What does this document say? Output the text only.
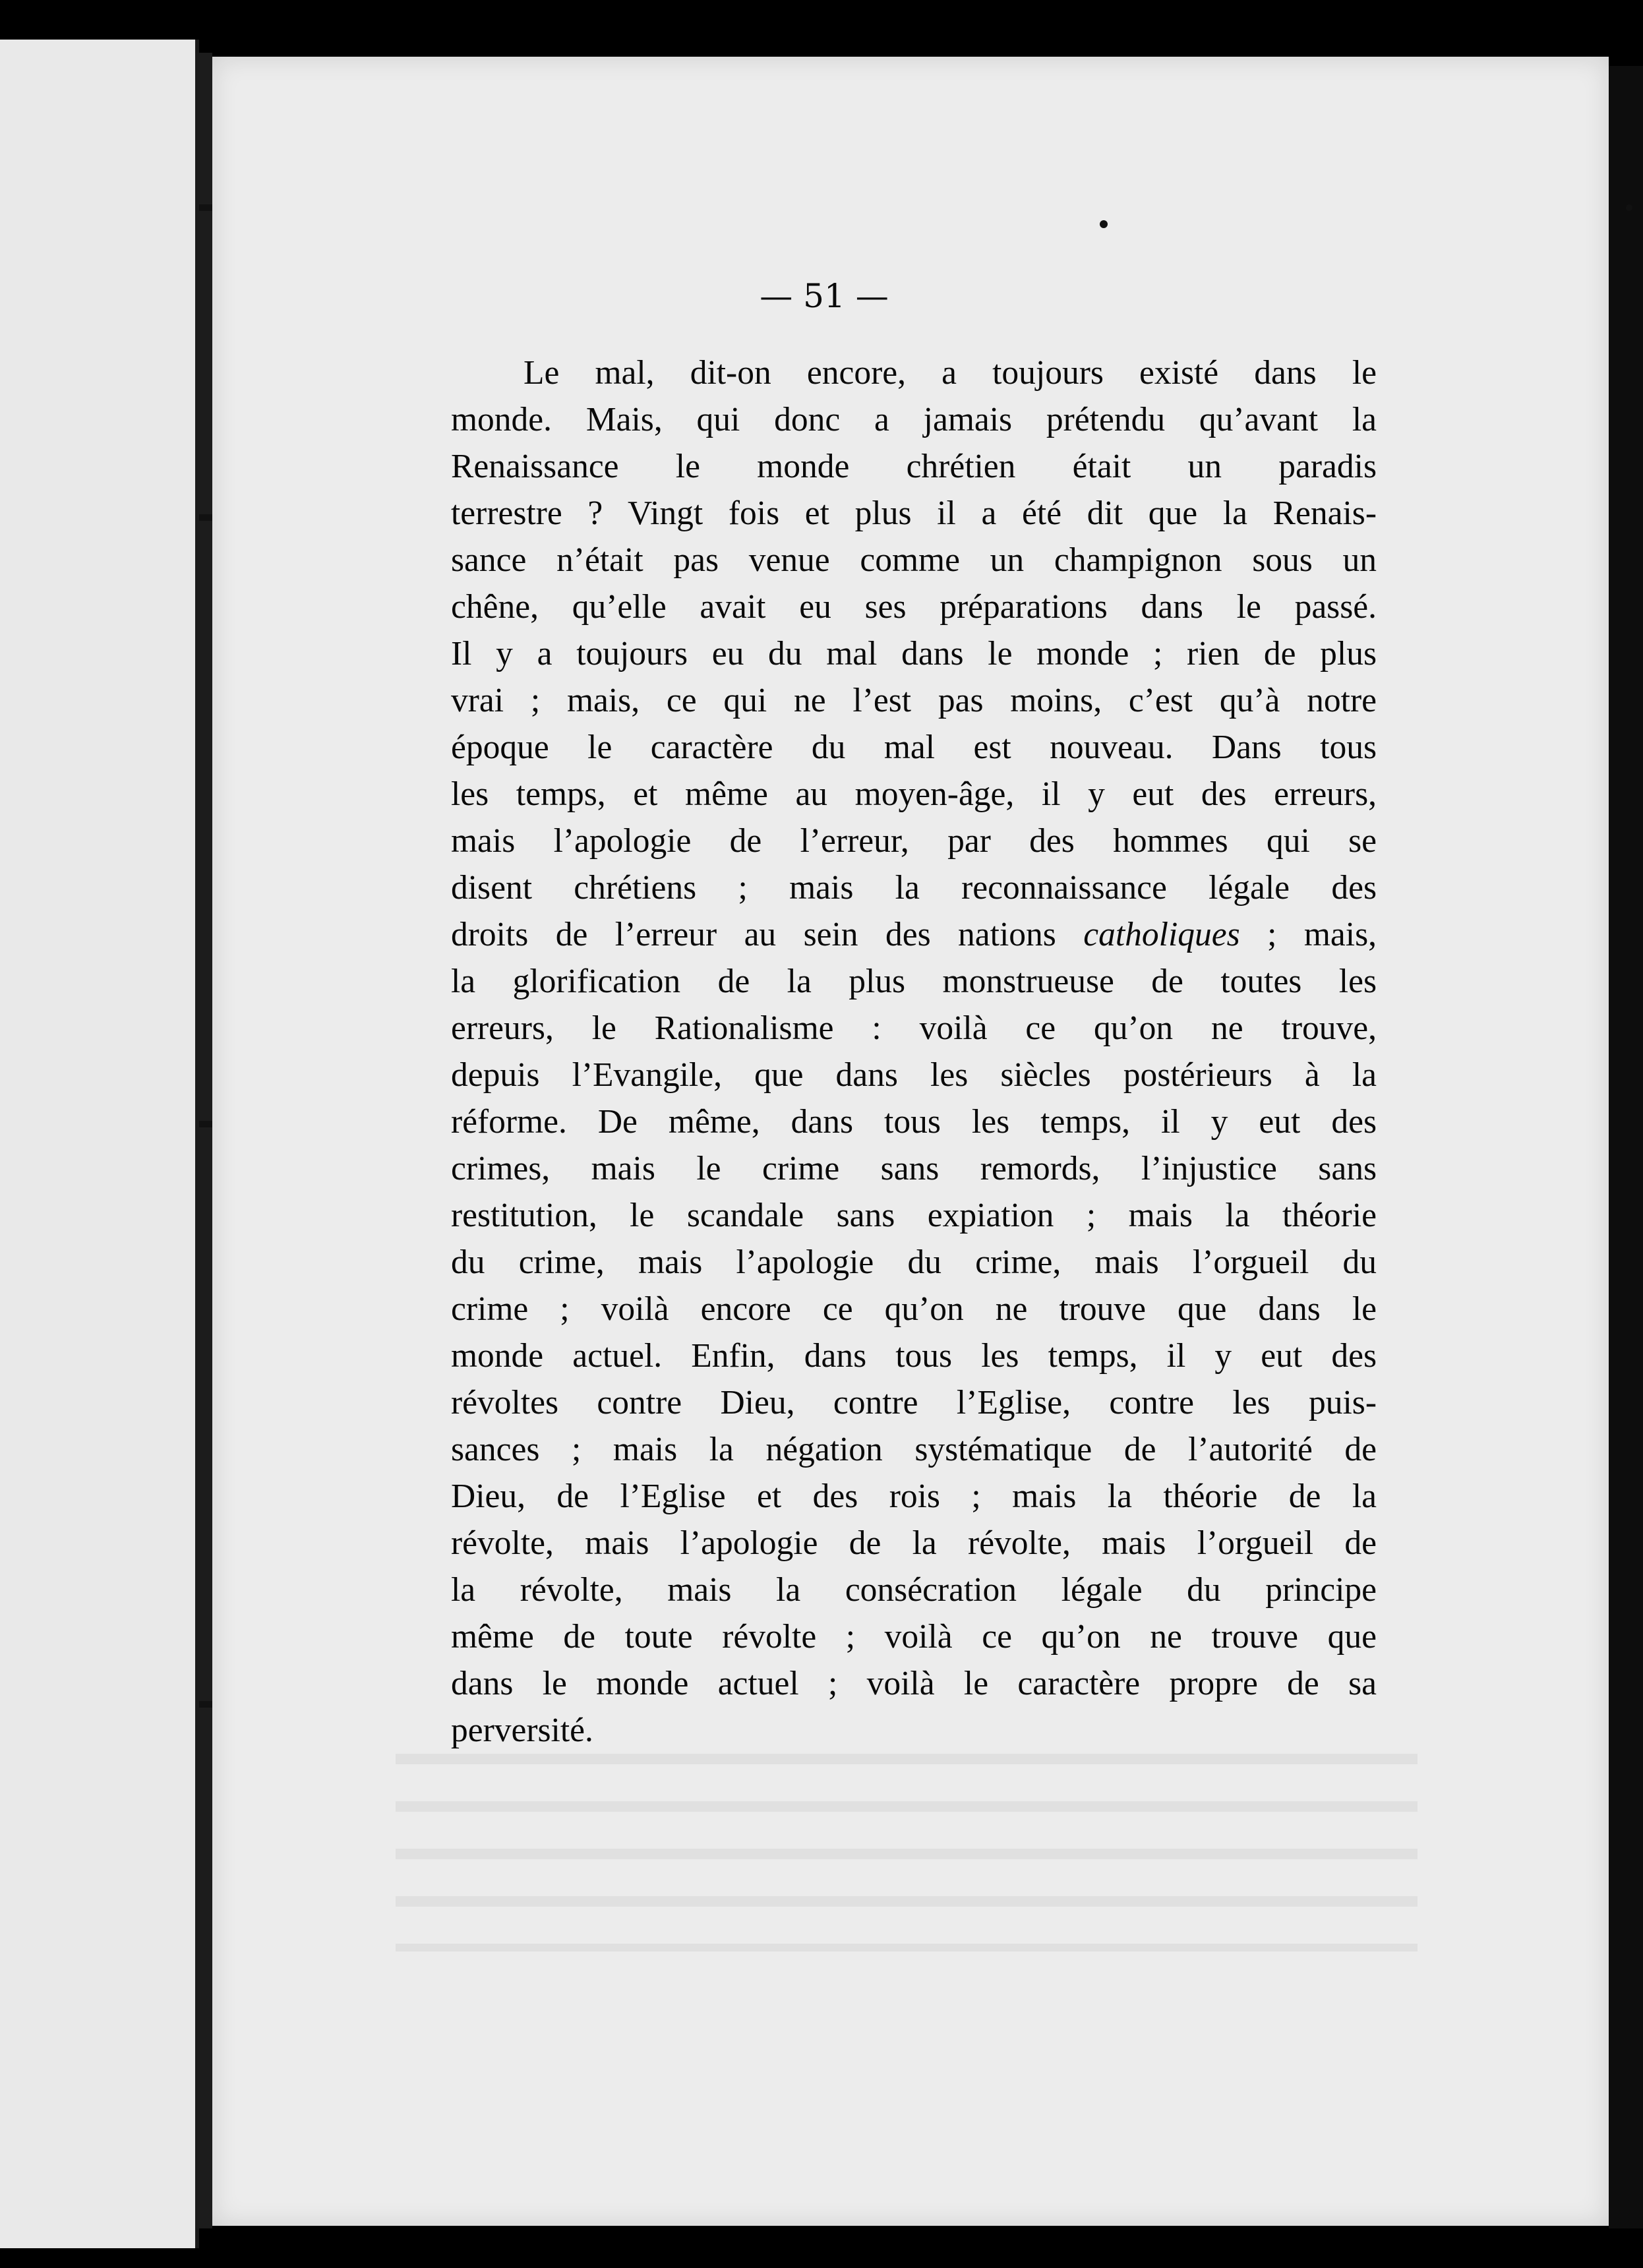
— 51 —
Le mal, dit-on encore, a toujours existé dans le
monde. Mais, qui donc a jamais prétendu qu’avant la
Renaissance le monde chrétien était un paradis
terrestre ? Vingt fois et plus il a été dit que la Renais-
sance n’était pas venue comme un champignon sous un
chêne, qu’elle avait eu ses préparations dans le passé.
Il y a toujours eu du mal dans le monde ; rien de plus
vrai ; mais, ce qui ne l’est pas moins, c’est qu’à notre
époque le caractère du mal est nouveau. Dans tous
les temps, et même au moyen-âge, il y eut des erreurs,
mais l’apologie de l’erreur, par des hommes qui se
disent chrétiens ; mais la reconnaissance légale des
droits de l’erreur au sein des nations catholiques ; mais,
la glorification de la plus monstrueuse de toutes les
erreurs, le Rationalisme : voilà ce qu’on ne trouve,
depuis l’Evangile, que dans les siècles postérieurs à la
réforme. De même, dans tous les temps, il y eut des
crimes, mais le crime sans remords, l’injustice sans
restitution, le scandale sans expiation ; mais la théorie
du crime, mais l’apologie du crime, mais l’orgueil du
crime ; voilà encore ce qu’on ne trouve que dans le
monde actuel. Enfin, dans tous les temps, il y eut des
révoltes contre Dieu, contre l’Eglise, contre les puis-
sances ; mais la négation systématique de l’autorité de
Dieu, de l’Eglise et des rois ; mais la théorie de la
révolte, mais l’apologie de la révolte, mais l’orgueil de
la révolte, mais la consécration légale du principe
même de toute révolte ; voilà ce qu’on ne trouve que
dans le monde actuel ; voilà le caractère propre de sa
perversité.
